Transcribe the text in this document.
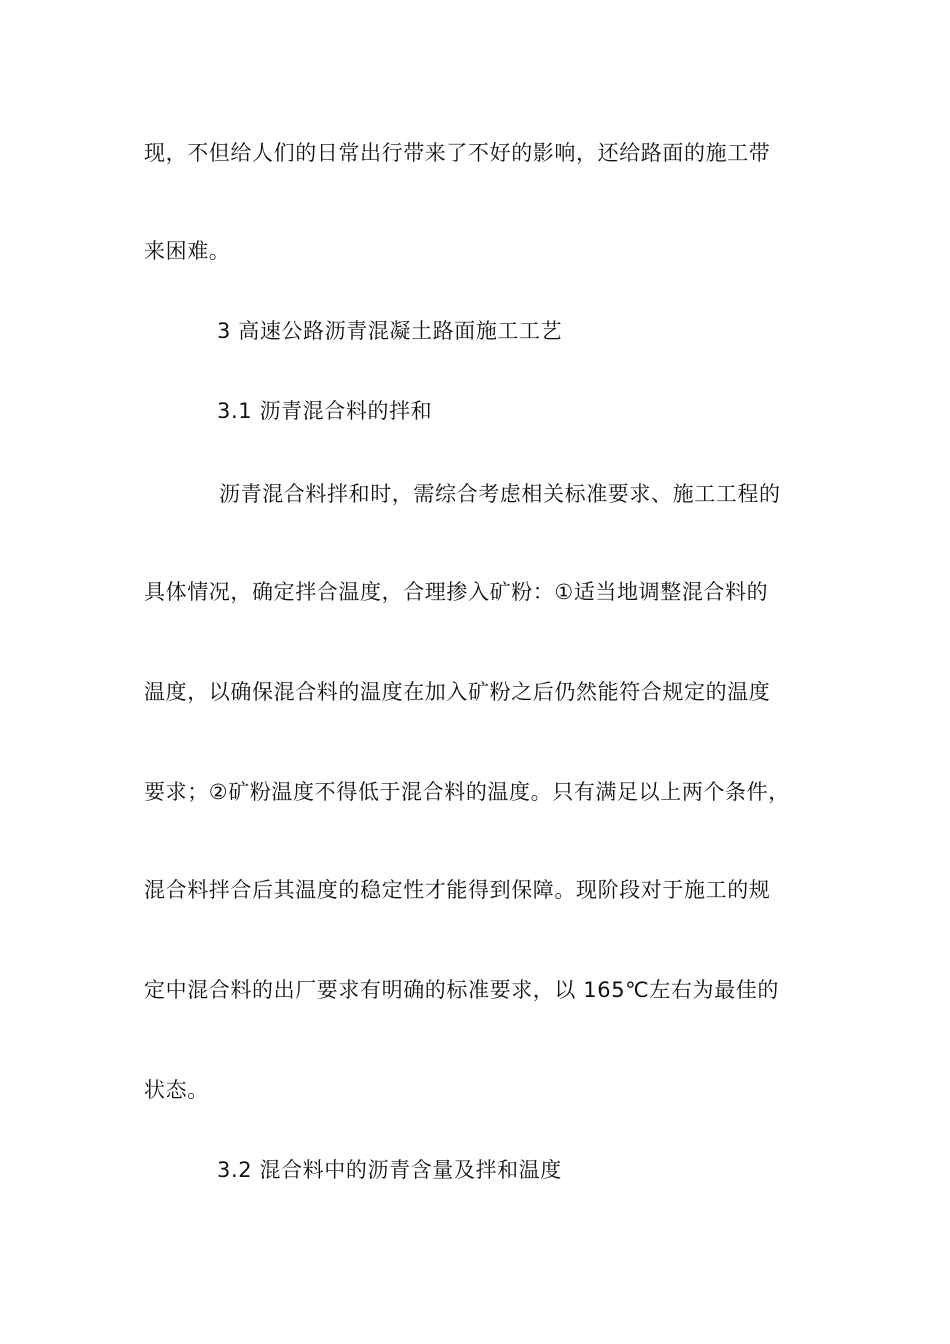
现，不但给人们的日常出行带来了不好的影响，还给路面的施工带
来困难。
3 高速公路沥青混凝土路面施工工艺
3.1 沥青混合料的拌和
沥青混合料拌和时，需综合考虑相关标准要求、施工工程的
具体情况，确定拌合温度，合理掺入矿粉：①适当地调整混合料的
温度，以确保混合料的温度在加入矿粉之后仍然能符合规定的温度
要求；②矿粉温度不得低于混合料的温度。只有满足以上两个条件，
混合料拌合后其温度的稳定性才能得到保障。现阶段对于施工的规
定中混合料的出厂要求有明确的标准要求，以 165℃左右为最佳的
状态。
3.2 混合料中的沥青含量及拌和温度
